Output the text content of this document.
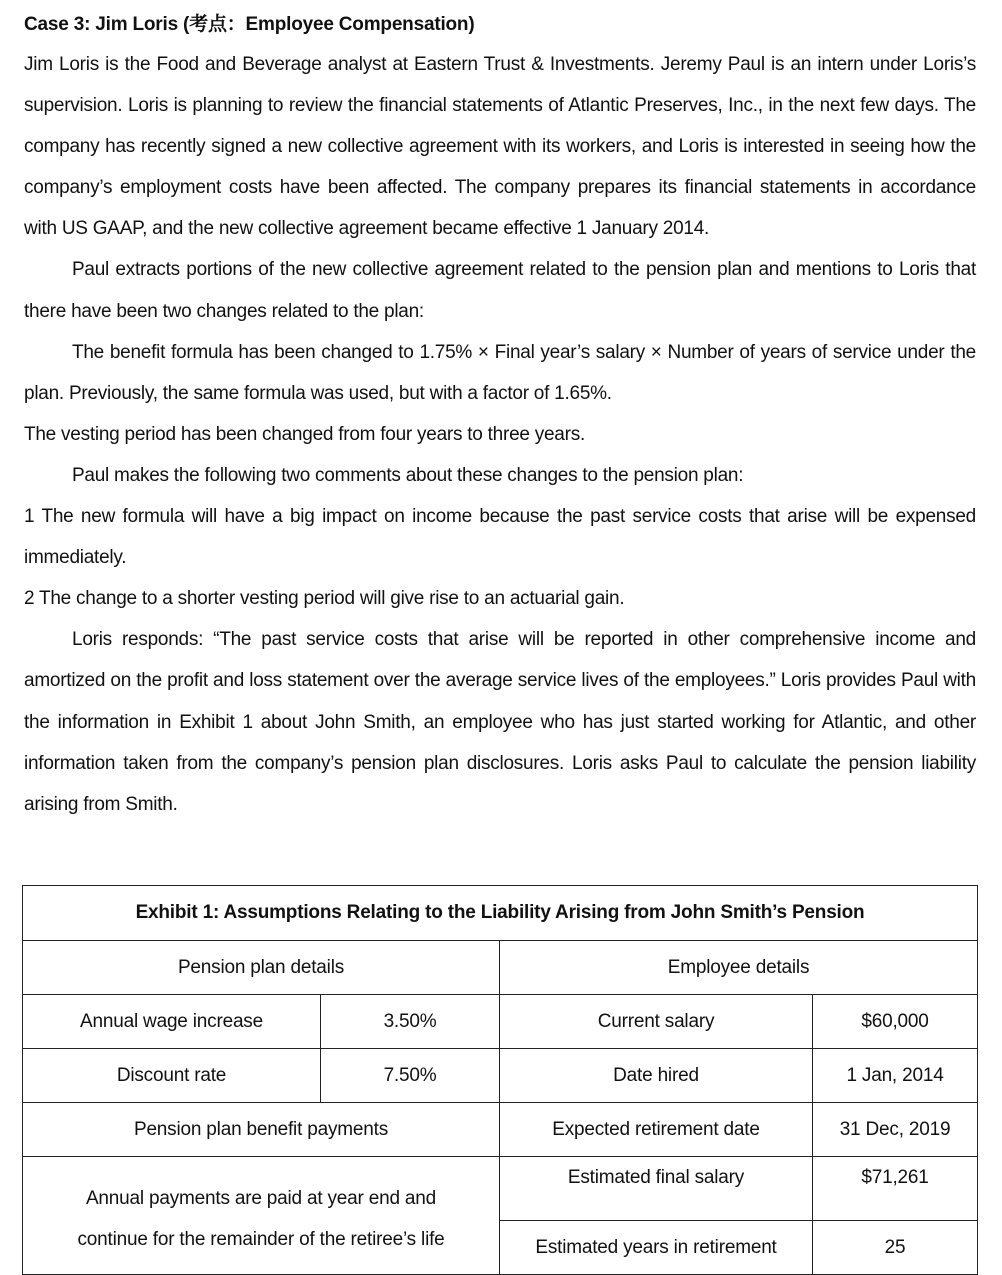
Case 3: Jim Loris (考点：Employee Compensation)

Jim Loris is the Food and Beverage analyst at Eastern Trust & Investments. Jeremy Paul is an intern under Loris’s supervision. Loris is planning to review the financial statements of Atlantic Preserves, Inc., in the next few days. The company has recently signed a new collective agreement with its workers, and Loris is interested in seeing how the company’s employment costs have been affected. The company prepares its financial statements in accordance with US GAAP, and the new collective agreement became effective 1 January 2014.

Paul extracts portions of the new collective agreement related to the pension plan and mentions to Loris that there have been two changes related to the plan:

The benefit formula has been changed to 1.75% × Final year’s salary × Number of years of service under the plan. Previously, the same formula was used, but with a factor of 1.65%.

The vesting period has been changed from four years to three years.

Paul makes the following two comments about these changes to the pension plan:

1 The new formula will have a big impact on income because the past service costs that arise will be expensed immediately.

2 The change to a shorter vesting period will give rise to an actuarial gain.

Loris responds: “The past service costs that arise will be reported in other comprehensive income and amortized on the profit and loss statement over the average service lives of the employees.” Loris provides Paul with the information in Exhibit 1 about John Smith, an employee who has just started working for Atlantic, and other information taken from the company’s pension plan disclosures. Loris asks Paul to calculate the pension liability arising from Smith.

Exhibit 1: Assumptions Relating to the Liability Arising from John Smith’s Pension			
Pension plan details		Employee details	
Annual wage increase	3.50%	Current salary	$60,000
Discount rate	7.50%	Date hired	1 Jan, 2014
Pension plan benefit payments		Expected retirement date	31 Dec, 2019

Annual payments are paid at year end and
continue for the remainder of the retiree’s life		Estimated final salary	$71,261
		Estimated years in retirement	25
